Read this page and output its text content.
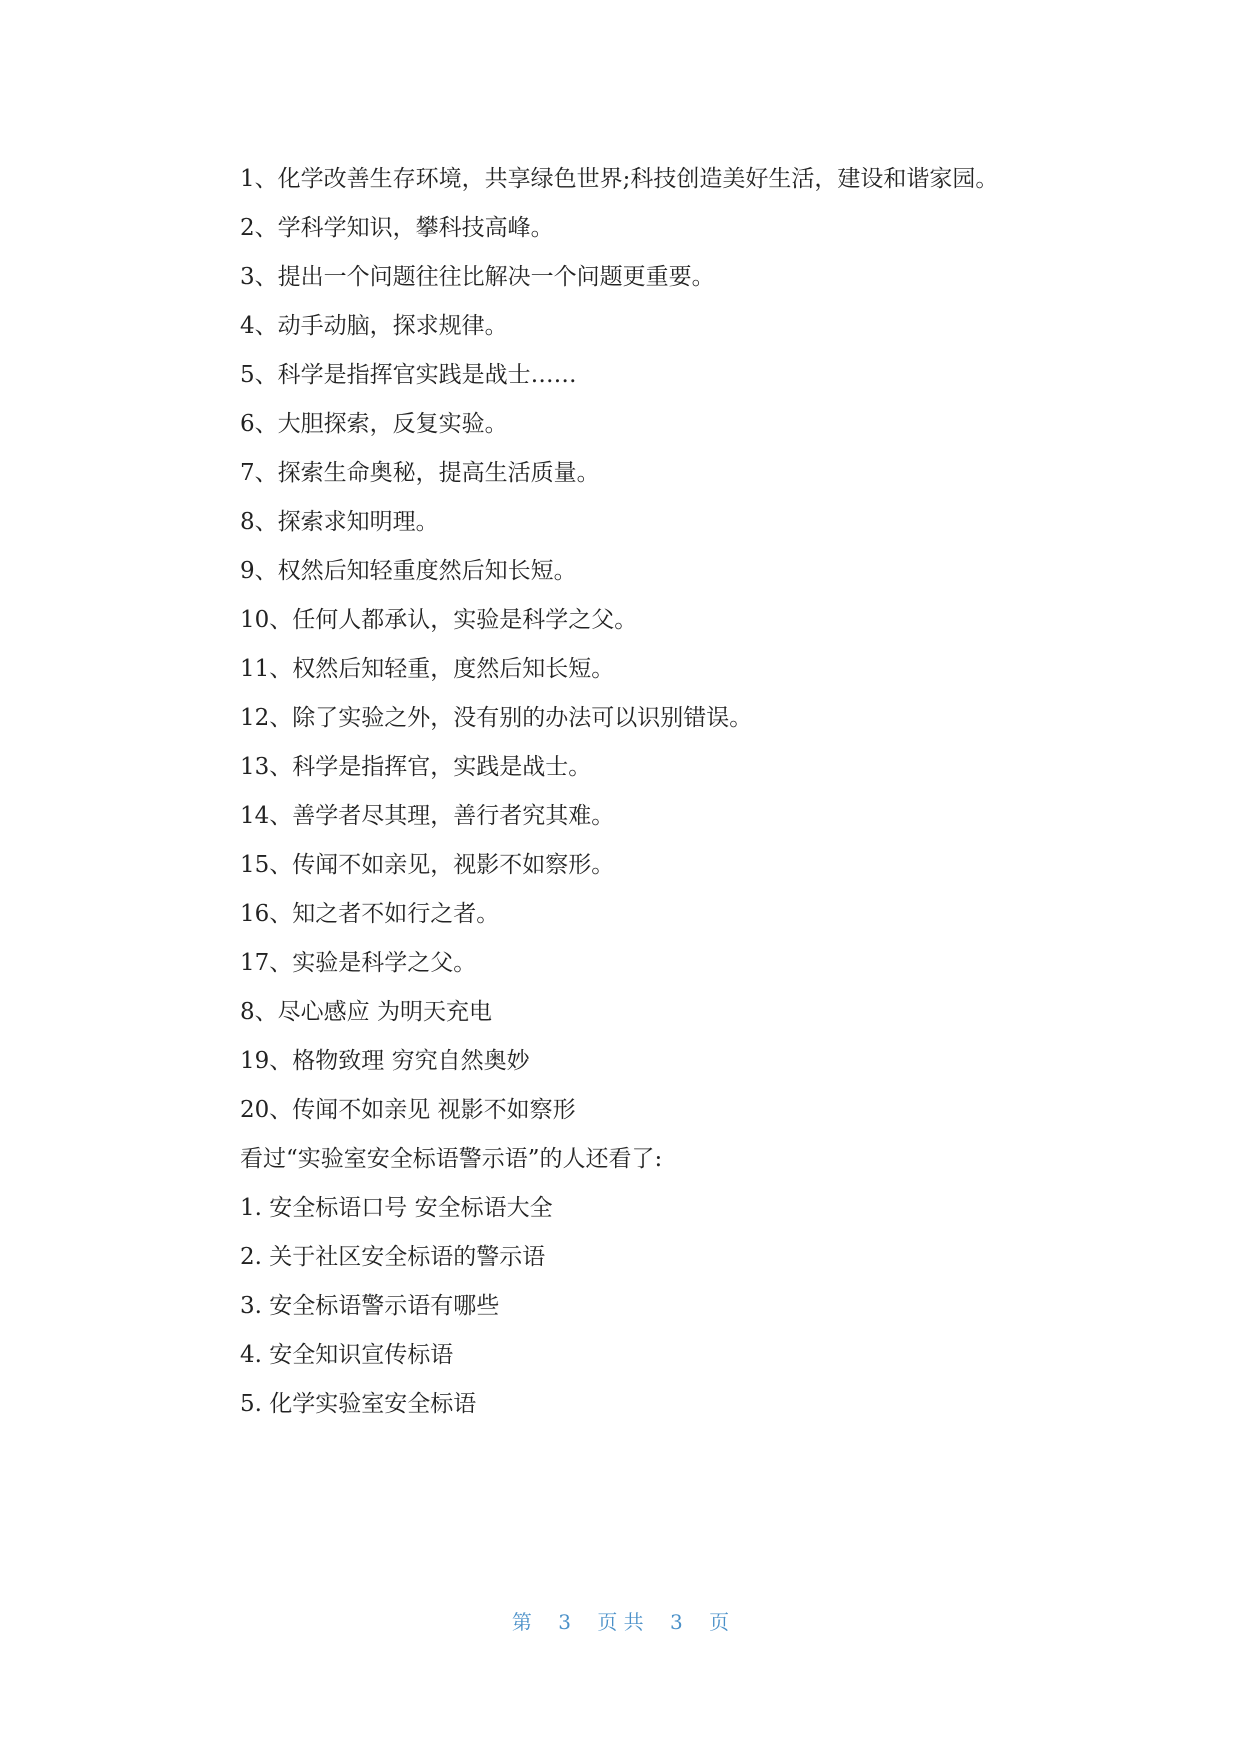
1、化学改善生存环境，共享绿色世界;科技创造美好生活，建设和谐家园。

2、学科学知识，攀科技高峰。

3、提出一个问题往往比解决一个问题更重要。

4、动手动脑，探求规律。

5、科学是指挥官实践是战士……

6、大胆探索，反复实验。

7、探索生命奥秘，提高生活质量。

8、探索求知明理。

9、权然后知轻重度然后知长短。

10、任何人都承认，实验是科学之父。

11、权然后知轻重，度然后知长短。

12、除了实验之外，没有别的办法可以识别错误。

13、科学是指挥官，实践是战士。

14、善学者尽其理，善行者究其难。

15、传闻不如亲见，视影不如察形。

16、知之者不如行之者。

17、实验是科学之父。

8、尽心感应 为明天充电

19、格物致理 穷究自然奥妙

20、传闻不如亲见 视影不如察形

看过“实验室安全标语警示语”的人还看了:

1. 安全标语口号 安全标语大全

2. 关于社区安全标语的警示语

3. 安全标语警示语有哪些

4. 安全知识宣传标语

5. 化学实验室安全标语

第 3 页 共 3 页
